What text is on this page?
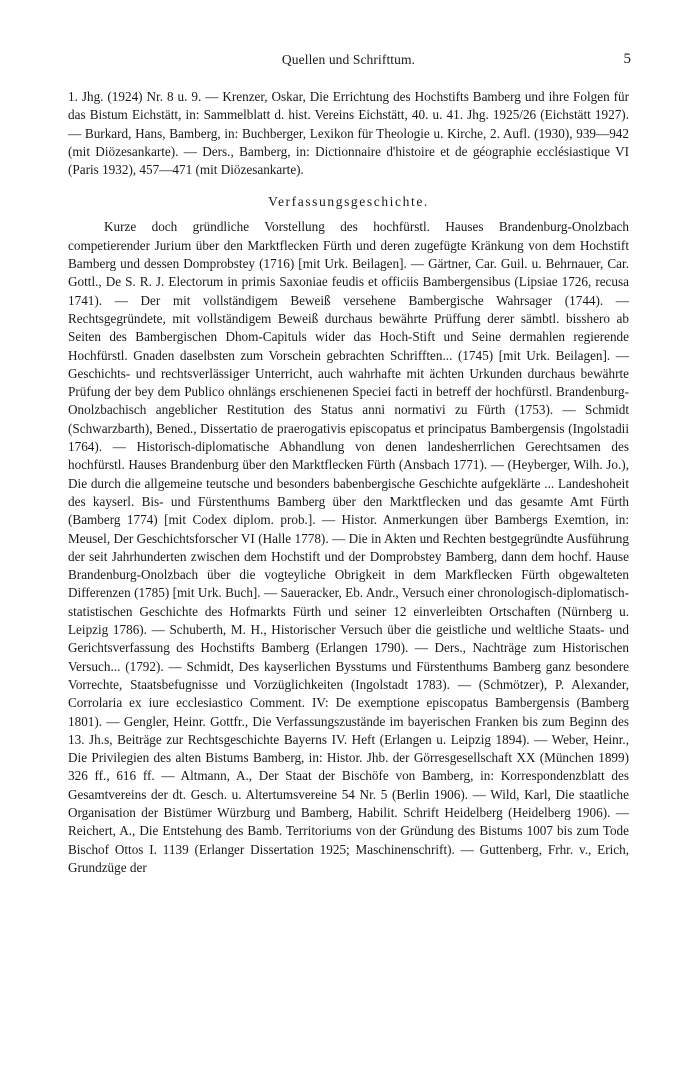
Quellen und Schrifttum.	5

1. Jhg. (1924) Nr. 8 u. 9. — Krenzer, Oskar, Die Errichtung des Hochstifts Bamberg und ihre Folgen für das Bistum Eichstätt, in: Sammelblatt d. hist. Vereins Eichstätt, 40. u. 41. Jhg. 1925/26 (Eichstätt 1927). — Burkard, Hans, Bamberg, in: Buchberger, Lexikon für Theologie u. Kirche, 2. Aufl. (1930), 939—942 (mit Diözesankarte). — Ders., Bamberg, in: Dictionnaire d'histoire et de géographie ecclésiastique VI (Paris 1932), 457—471 (mit Diözesankarte).

Verfassungsgeschichte.

Kurze doch gründliche Vorstellung des hochfürstl. Hauses Brandenburg-Onolzbach competierender Jurium über den Marktflecken Fürth und deren zugefügte Kränkung von dem Hochstift Bamberg und dessen Domprobstey (1716) [mit Urk. Beilagen]. — Gärtner, Car. Guil. u. Behrnauer, Car. Gottl., De S. R. J. Electorum in primis Saxoniae feudis et officiis Bambergensibus (Lipsiae 1726, recusa 1741). — Der mit vollständigem Beweiß versehene Bambergische Wahrsager (1744). — Rechtsgegründete, mit vollständigem Beweiß durchaus bewährte Prüffung derer sämbtl. bisshero ab Seiten des Bambergischen Dhom-Capituls wider das Hoch-Stift und Seine dermahlen regierende Hochfürstl. Gnaden daselbsten zum Vorschein gebrachten Schrifften... (1745) [mit Urk. Beilagen]. — Geschichts- und rechtsverlässiger Unterricht, auch wahrhafte mit ächten Urkunden durchaus bewährte Prüfung der bey dem Publico ohnlängs erschienenen Speciei facti in betreff der hochfürstl. Brandenburg-Onolzbachisch angeblicher Restitution des Status anni normativi zu Fürth (1753). — Schmidt (Schwarzbarth), Bened., Dissertatio de praerogativis episcopatus et principatus Bambergensis (Ingolstadii 1764). — Historisch-diplomatische Abhandlung von denen landesherrlichen Gerechtsamen des hochfürstl. Hauses Brandenburg über den Marktflecken Fürth (Ansbach 1771). — (Heyberger, Wilh. Jo.), Die durch die allgemeine teutsche und besonders babenbergische Geschichte aufgeklärte ... Landeshoheit des kayserl. Bis- und Fürstenthums Bamberg über den Marktflecken und das gesamte Amt Fürth (Bamberg 1774) [mit Codex diplom. prob.]. — Histor. Anmerkungen über Bambergs Exemtion, in: Meusel, Der Geschichtsforscher VI (Halle 1778). — Die in Akten und Rechten bestgegründte Ausführung der seit Jahrhunderten zwischen dem Hochstift und der Domprobstey Bamberg, dann dem hochf. Hause Brandenburg-Onolzbach über die vogteyliche Obrigkeit in dem Markflecken Fürth obgewalteten Differenzen (1785) [mit Urk. Buch]. — Saueracker, Eb. Andr., Versuch einer chronologisch-diplomatisch-statistischen Geschichte des Hofmarkts Fürth und seiner 12 einverleibten Ortschaften (Nürnberg u. Leipzig 1786). — Schuberth, M. H., Historischer Versuch über die geistliche und weltliche Staats- und Gerichtsverfassung des Hochstifts Bamberg (Erlangen 1790). — Ders., Nachträge zum Historischen Versuch... (1792). — Schmidt, Des kayserlichen Bysstums und Fürstenthums Bamberg ganz besondere Vorrechte, Staatsbefugnisse und Vorzüglichkeiten (Ingolstadt 1783). — (Schmötzer), P. Alexander, Corrolaria ex iure ecclesiastico Comment. IV: De exemptione episcopatus Bambergensis (Bamberg 1801). — Gengler, Heinr. Gottfr., Die Verfassungszustände im bayerischen Franken bis zum Beginn des 13. Jh.s, Beiträge zur Rechtsgeschichte Bayerns IV. Heft (Erlangen u. Leipzig 1894). — Weber, Heinr., Die Privilegien des alten Bistums Bamberg, in: Histor. Jhb. der Görresgesellschaft XX (München 1899) 326 ff., 616 ff. — Altmann, A., Der Staat der Bischöfe von Bamberg, in: Korrespondenzblatt des Gesamtvereins der dt. Gesch. u. Altertumsvereine 54 Nr. 5 (Berlin 1906). — Wild, Karl, Die staatliche Organisation der Bistümer Würzburg und Bamberg, Habilit. Schrift Heidelberg (Heidelberg 1906). — Reichert, A., Die Entstehung des Bamb. Territoriums von der Gründung des Bistums 1007 bis zum Tode Bischof Ottos I. 1139 (Erlanger Dissertation 1925; Maschinenschrift). — Guttenberg, Frhr. v., Erich, Grundzüge der
